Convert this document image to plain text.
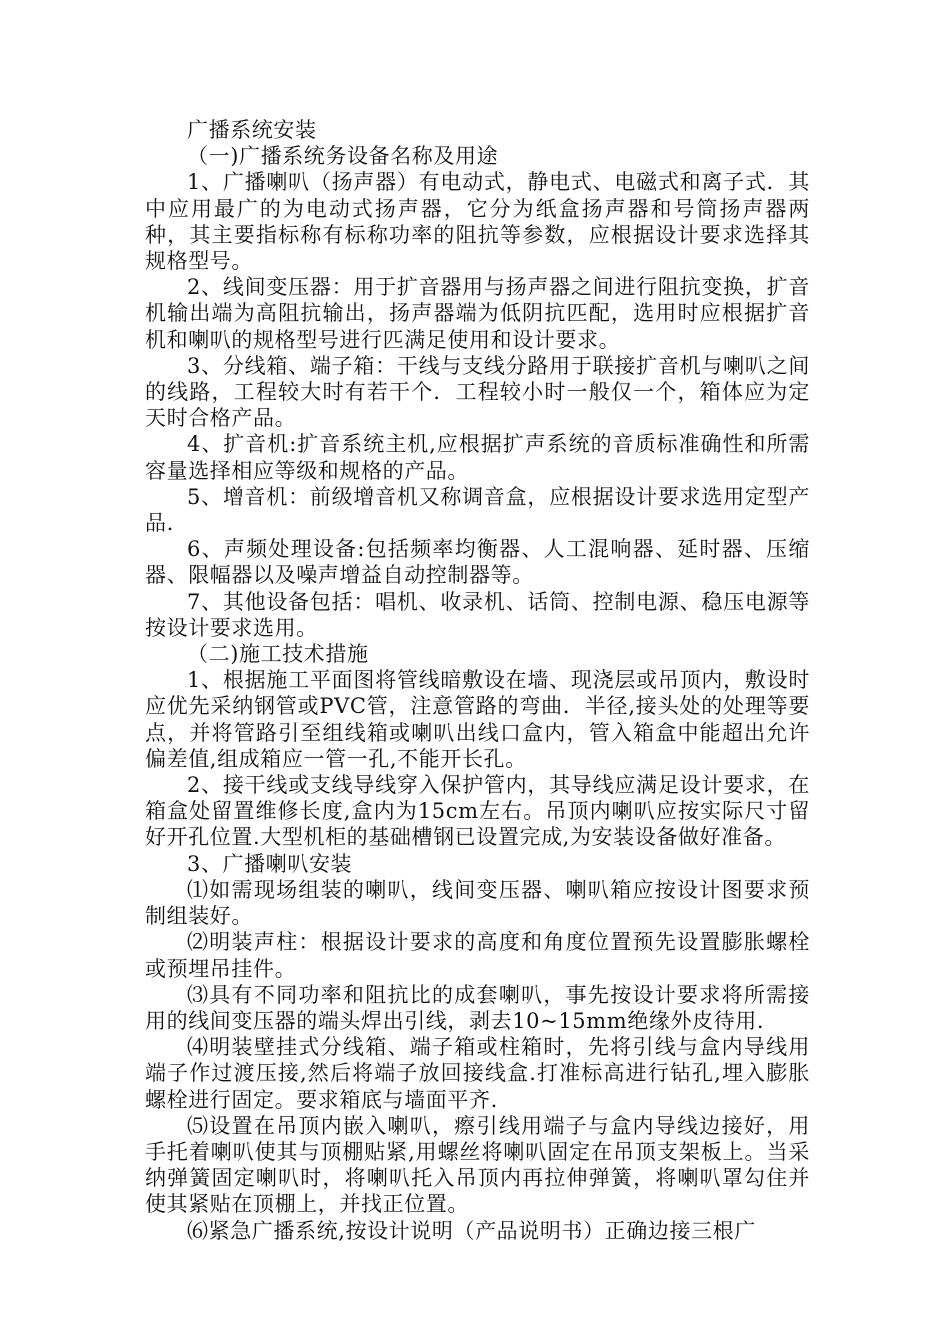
广播系统安装

（一)广播系统务设备名称及用途

1、广播喇叭（扬声器）有电动式，静电式、电磁式和离子式．其中应用最广的为电动式扬声器，它分为纸盒扬声器和号筒扬声器两种，其主要指标称有标称功率的阻抗等参数，应根据设计要求选择其规格型号。

2、线间变压器：用于扩音器用与扬声器之间进行阻抗变换，扩音机输出端为高阻抗输出，扬声器端为低阴抗匹配，选用时应根据扩音机和喇叭的规格型号进行匹满足使用和设计要求。

3、分线箱、端子箱：干线与支线分路用于联接扩音机与喇叭之间的线路，工程较大时有若干个．工程较小时一般仅一个，箱体应为定天时合格产品。

4、扩音机:扩音系统主机,应根据扩声系统的音质标准确性和所需容量选择相应等级和规格的产品。

5、增音机：前级增音机又称调音盒，应根据设计要求选用定型产品.

6、声频处理设备:包括频率均衡器、人工混响器、延时器、压缩器、限幅器以及噪声增益自动控制器等。

7、其他设备包括：唱机、收录机、话筒、控制电源、稳压电源等按设计要求选用。

（二)施工技术措施

1、根据施工平面图将管线暗敷设在墙、现浇层或吊顶内，敷设时应优先采纳钢管或PVC管，注意管路的弯曲．半径,接头处的处理等要点，并将管路引至组线箱或喇叭出线口盒内，管入箱盒中能超出允许偏差值,组成箱应一管一孔,不能开长孔。

2、接干线或支线导线穿入保护管内，其导线应满足设计要求，在箱盒处留置维修长度,盒内为15cm左右。吊顶内喇叭应按实际尺寸留好开孔位置.大型机柜的基础槽钢已设置完成,为安装设备做好准备。

3、广播喇叭安装

⑴如需现场组装的喇叭，线间变压器、喇叭箱应按设计图要求预制组装好。

⑵明装声柱：根据设计要求的高度和角度位置预先设置膨胀螺栓或预埋吊挂件。

⑶具有不同功率和阻抗比的成套喇叭，事先按设计要求将所需接用的线间变压器的端头焊出引线，剥去10~15mm绝缘外皮待用.

⑷明装壁挂式分线箱、端子箱或柱箱时，先将引线与盒内导线用端子作过渡压接,然后将端子放回接线盒.打准标高进行钻孔,埋入膨胀螺栓进行固定。要求箱底与墙面平齐.

⑸设置在吊顶内嵌入喇叭，瘵引线用端子与盒内导线边接好，用手托着喇叭使其与顶棚贴紧,用螺丝将喇叭固定在吊顶支架板上。当采纳弹簧固定喇叭时，将喇叭托入吊顶内再拉伸弹簧，将喇叭罩勾住并使其紧贴在顶棚上，并找正位置。

⑹紧急广播系统,按设计说明（产品说明书）正确边接三根广
